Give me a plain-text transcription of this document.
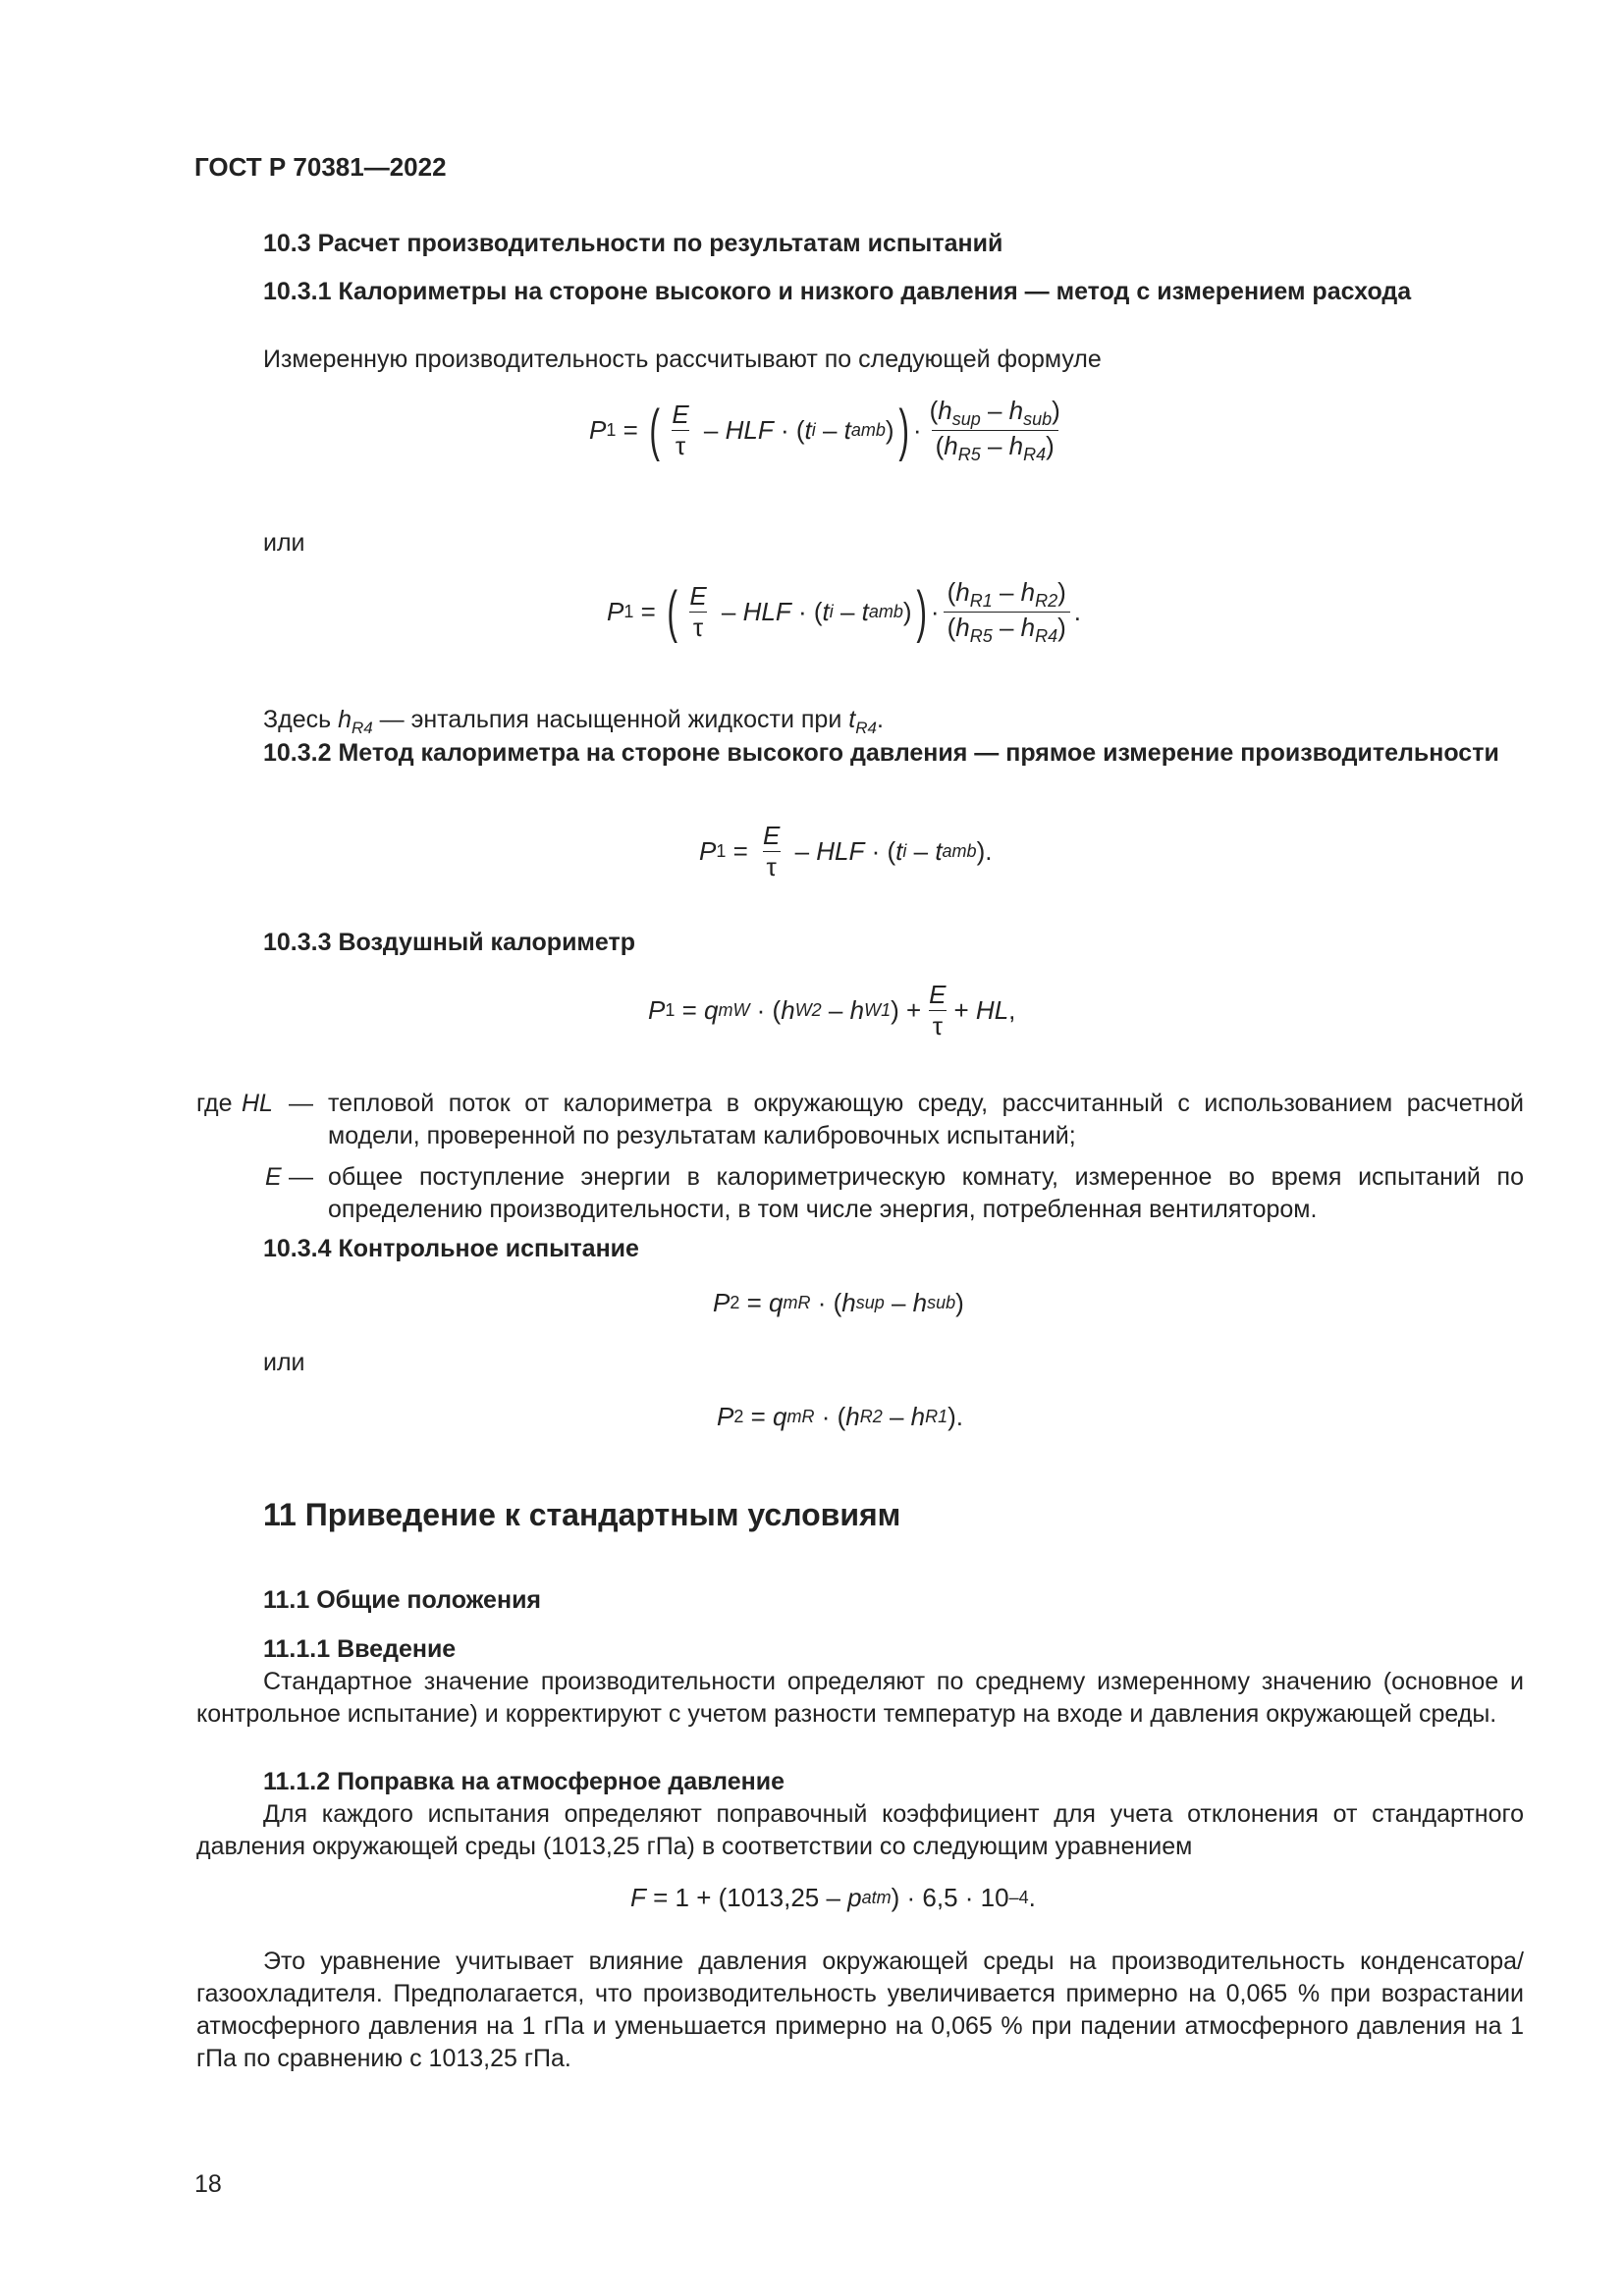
ГОСТ Р 70381—2022
10.3 Расчет производительности по результатам испытаний
10.3.1 Калориметры на стороне высокого и низкого давления — метод с измерением расхода
Измеренную производительность рассчитывают по следующей формуле
P 1 = ( $\frac{E}{\tau}$ – HLF · ( t i – t amb ) ) · $\frac{(h_{sup} - h_{sub})}{(h_{R5} - h_{R4})}$
или
P 1 = ( $\frac{E}{\tau}$ – HLF · ( t i – t amb ) ) · $\frac{(h_{R1} - h_{R2})}{(h_{R5} - h_{R4})}$ .
Здесь $h_{R4}$ — энтальпия насыщенной жидкости при $t_{R4}$.
10.3.2 Метод калориметра на стороне высокого давления — прямое измерение производительности
P $1 = \frac{E}{\tau}$ – HLF · ( t i – t amb ).
10.3.3 Воздушный калориметр
P 1 = q mW · ( h W2 – h W1 ) + $\frac{E}{\tau}$ + HL ,
где HL — тепловой поток от калориметра в окружающую среду, рассчитанный с использованием расчетной модели, проверенной по результатам калибровочных испытаний;
E — общее поступление энергии в калориметрическую комнату, измеренное во время испытаний по определению производительности, в том числе энергия, потребленная вентилятором.
10.3.4 Контрольное испытание
P 2 = q mR · ( h sup – h sub )
или
P 2 = q mR · ( h R2 – h R1 ).
11 Приведение к стандартным условиям
11.1 Общие положения
11.1.1 Введение
Стандартное значение производительности определяют по среднему измеренному значению (основное и контрольное испытание) и корректируют с учетом разности температур на входе и давления окружающей среды.
11.1.2 Поправка на атмосферное давление
Для каждого испытания определяют поправочный коэффициент для учета отклонения от стандартного давления окружающей среды (1013,25 гПа) в соответствии со следующим уравнением
F = 1 + (1013,25 – p atm ) · 6,5 · 10 –4 .
Это уравнение учитывает влияние давления окружающей среды на производительность конденсатора/газоохладителя. Предполагается, что производительность увеличивается примерно на 0,065 % при возрастании атмосферного давления на 1 гПа и уменьшается примерно на 0,065 % при падении атмосферного давления на 1 гПа по сравнению с 1013,25 гПа.
18
